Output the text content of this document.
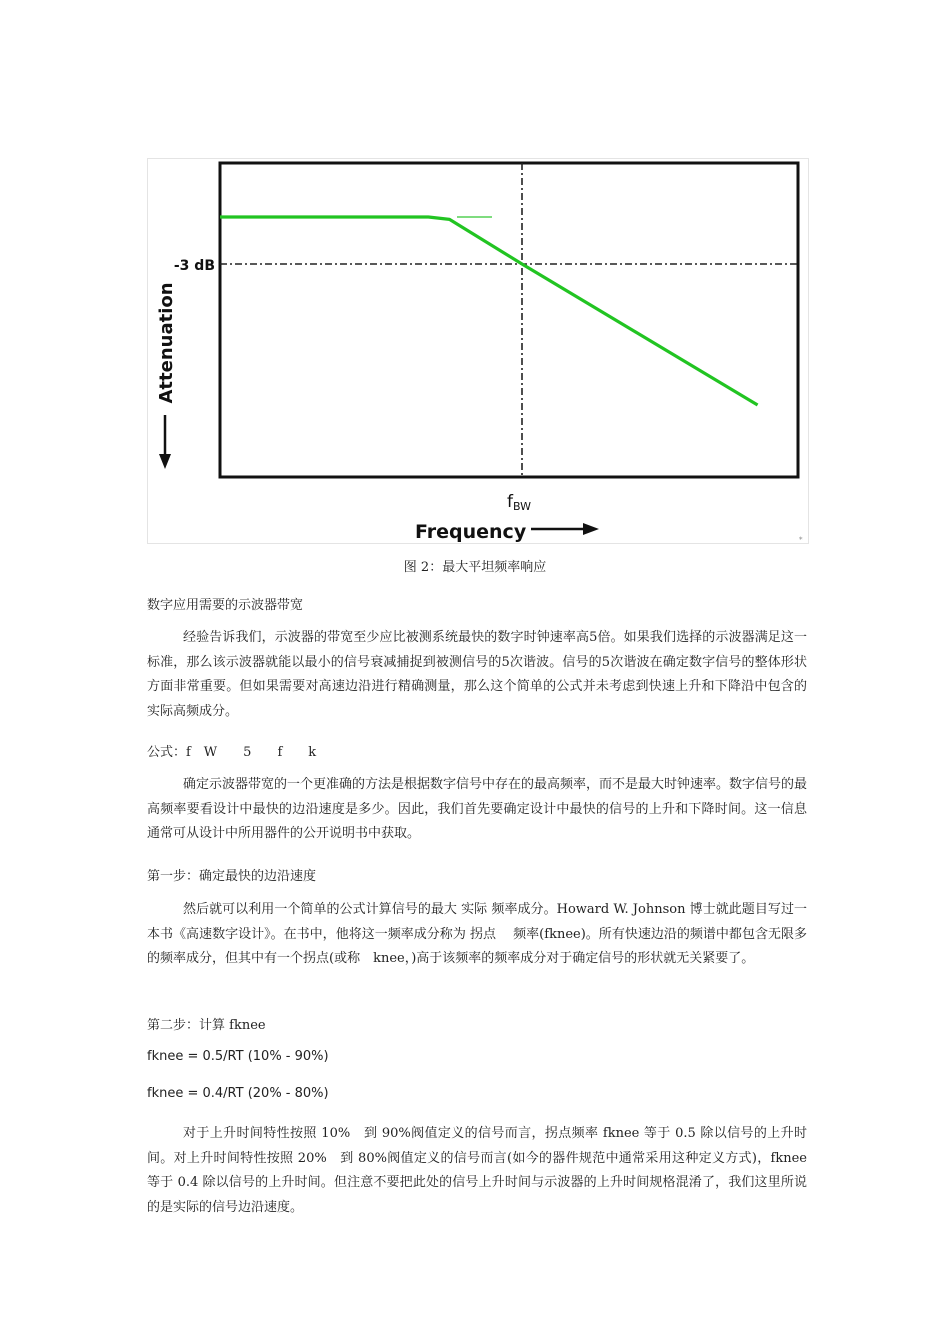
-3 dB
Attenuation
fBW
Frequency	*
图 2：最大平坦频率响应
数字应用需要的示波器带宽
经验告诉我们，示波器的带宽至少应比被测系统最快的数字时钟速率高5倍。如果我们选择的示波器满足这一标准，那么该示波器就能以最小的信号衰减捕捉到被测信号的5次谐波。信号的5次谐波在确定数字信号的整体形状方面非常重要。但如果需要对高速边沿进行精确测量，那么这个简单的公式并未考虑到快速上升和下降沿中包含的实际高频成分。
公式：f　W　　5　　f　　k
确定示波器带宽的一个更准确的方法是根据数字信号中存在的最高频率，而不是最大时钟速率。数字信号的最高频率要看设计中最快的边沿速度是多少。因此，我们首先要确定设计中最快的信号的上升和下降时间。这一信息通常可从设计中所用器件的公开说明书中获取。
第一步：确定最快的边沿速度
然后就可以利用一个简单的公式计算信号的最大 实际 频率成分。Howard W. Johnson 博士就此题目写过一本书《高速数字设计》。在书中，他将这一频率成分称为 拐点 　频率(fknee)。所有快速边沿的频谱中都包含无限多的频率成分，但其中有一个拐点(或称　knee，)高于该频率的频率成分对于确定信号的形状就无关紧要了。
第二步：计算 fknee
fknee = 0.5/RT (10% - 90%)
fknee = 0.4/RT (20% - 80%)
对于上升时间特性按照 10%　到 90%阀值定义的信号而言，拐点频率 fknee 等于 0.5 除以信号的上升时间。对上升时间特性按照 20%　到 80%阀值定义的信号而言(如今的器件规范中通常采用这种定义方式)，fknee 等于 0.4 除以信号的上升时间。但注意不要把此处的信号上升时间与示波器的上升时间规格混淆了，我们这里所说的是实际的信号边沿速度。
